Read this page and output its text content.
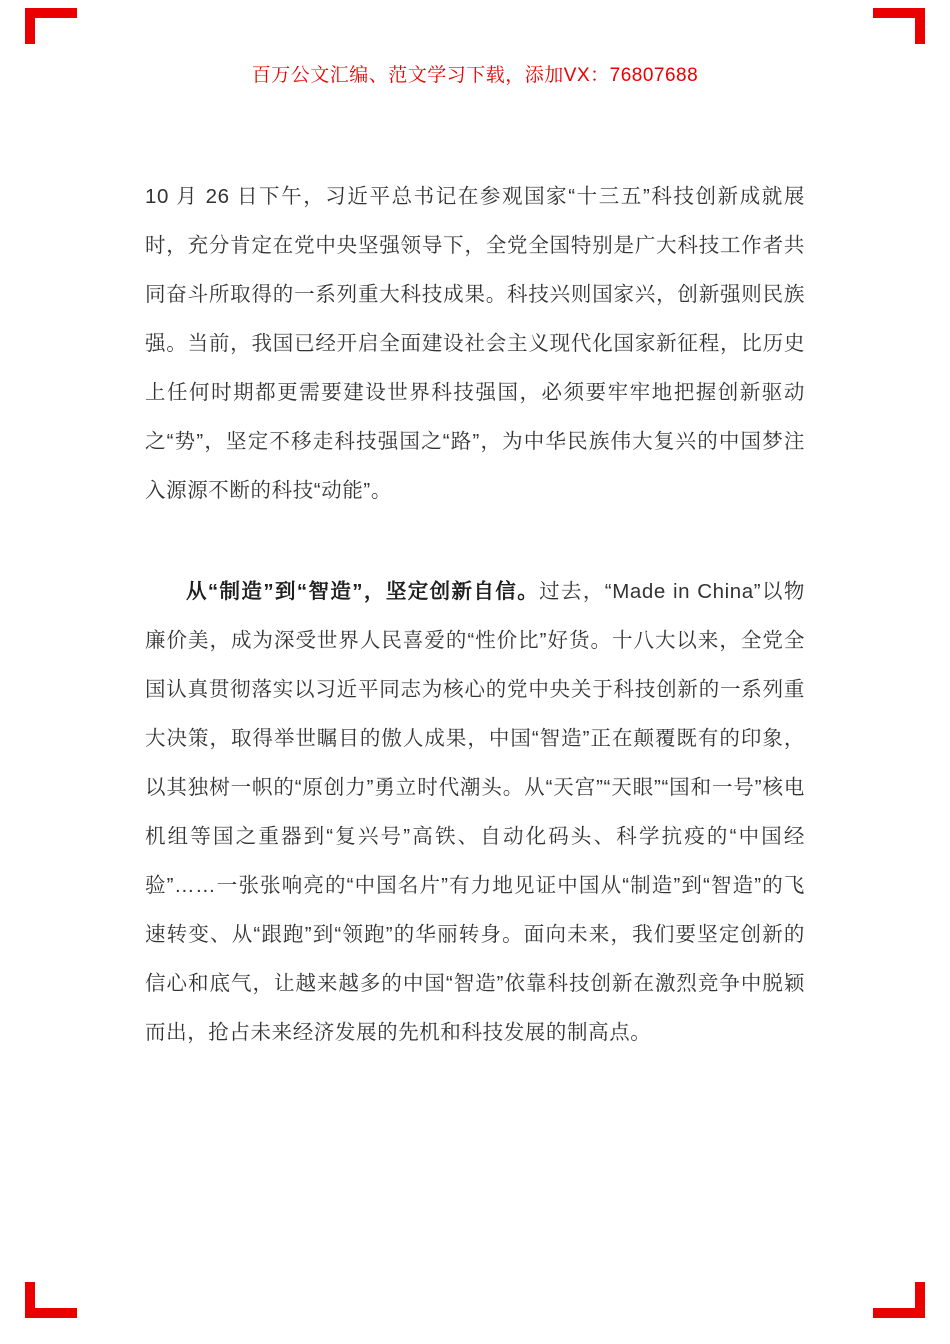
百万公文汇编、范文学习下载，添加VX：76807688

10 月 26 日下午，习近平总书记在参观国家“十三五”科技创新成就展时，充分肯定在党中央坚强领导下，全党全国特别是广大科技工作者共同奋斗所取得的一系列重大科技成果。科技兴则国家兴，创新强则民族强。当前，我国已经开启全面建设社会主义现代化国家新征程，比历史上任何时期都更需要建设世界科技强国，必须要牢牢地把握创新驱动之“势”，坚定不移走科技强国之“路”，为中华民族伟大复兴的中国梦注入源源不断的科技“动能”。

从“制造”到“智造”，坚定创新自信。过去，“Made in China”以物廉价美，成为深受世界人民喜爱的“性价比”好货。十八大以来，全党全国认真贯彻落实以习近平同志为核心的党中央关于科技创新的一系列重大决策，取得举世瞩目的傲人成果，中国“智造”正在颠覆既有的印象，以其独树一帜的“原创力”勇立时代潮头。从“天宫”“天眼”“国和一号”核电机组等国之重器到“复兴号”高铁、自动化码头、科学抗疫的“中国经验”……一张张响亮的“中国名片”有力地见证中国从“制造”到“智造”的飞速转变、从“跟跑”到“领跑”的华丽转身。面向未来，我们要坚定创新的信心和底气，让越来越多的中国“智造”依靠科技创新在激烈竞争中脱颖而出，抢占未来经济发展的先机和科技发展的制高点。
